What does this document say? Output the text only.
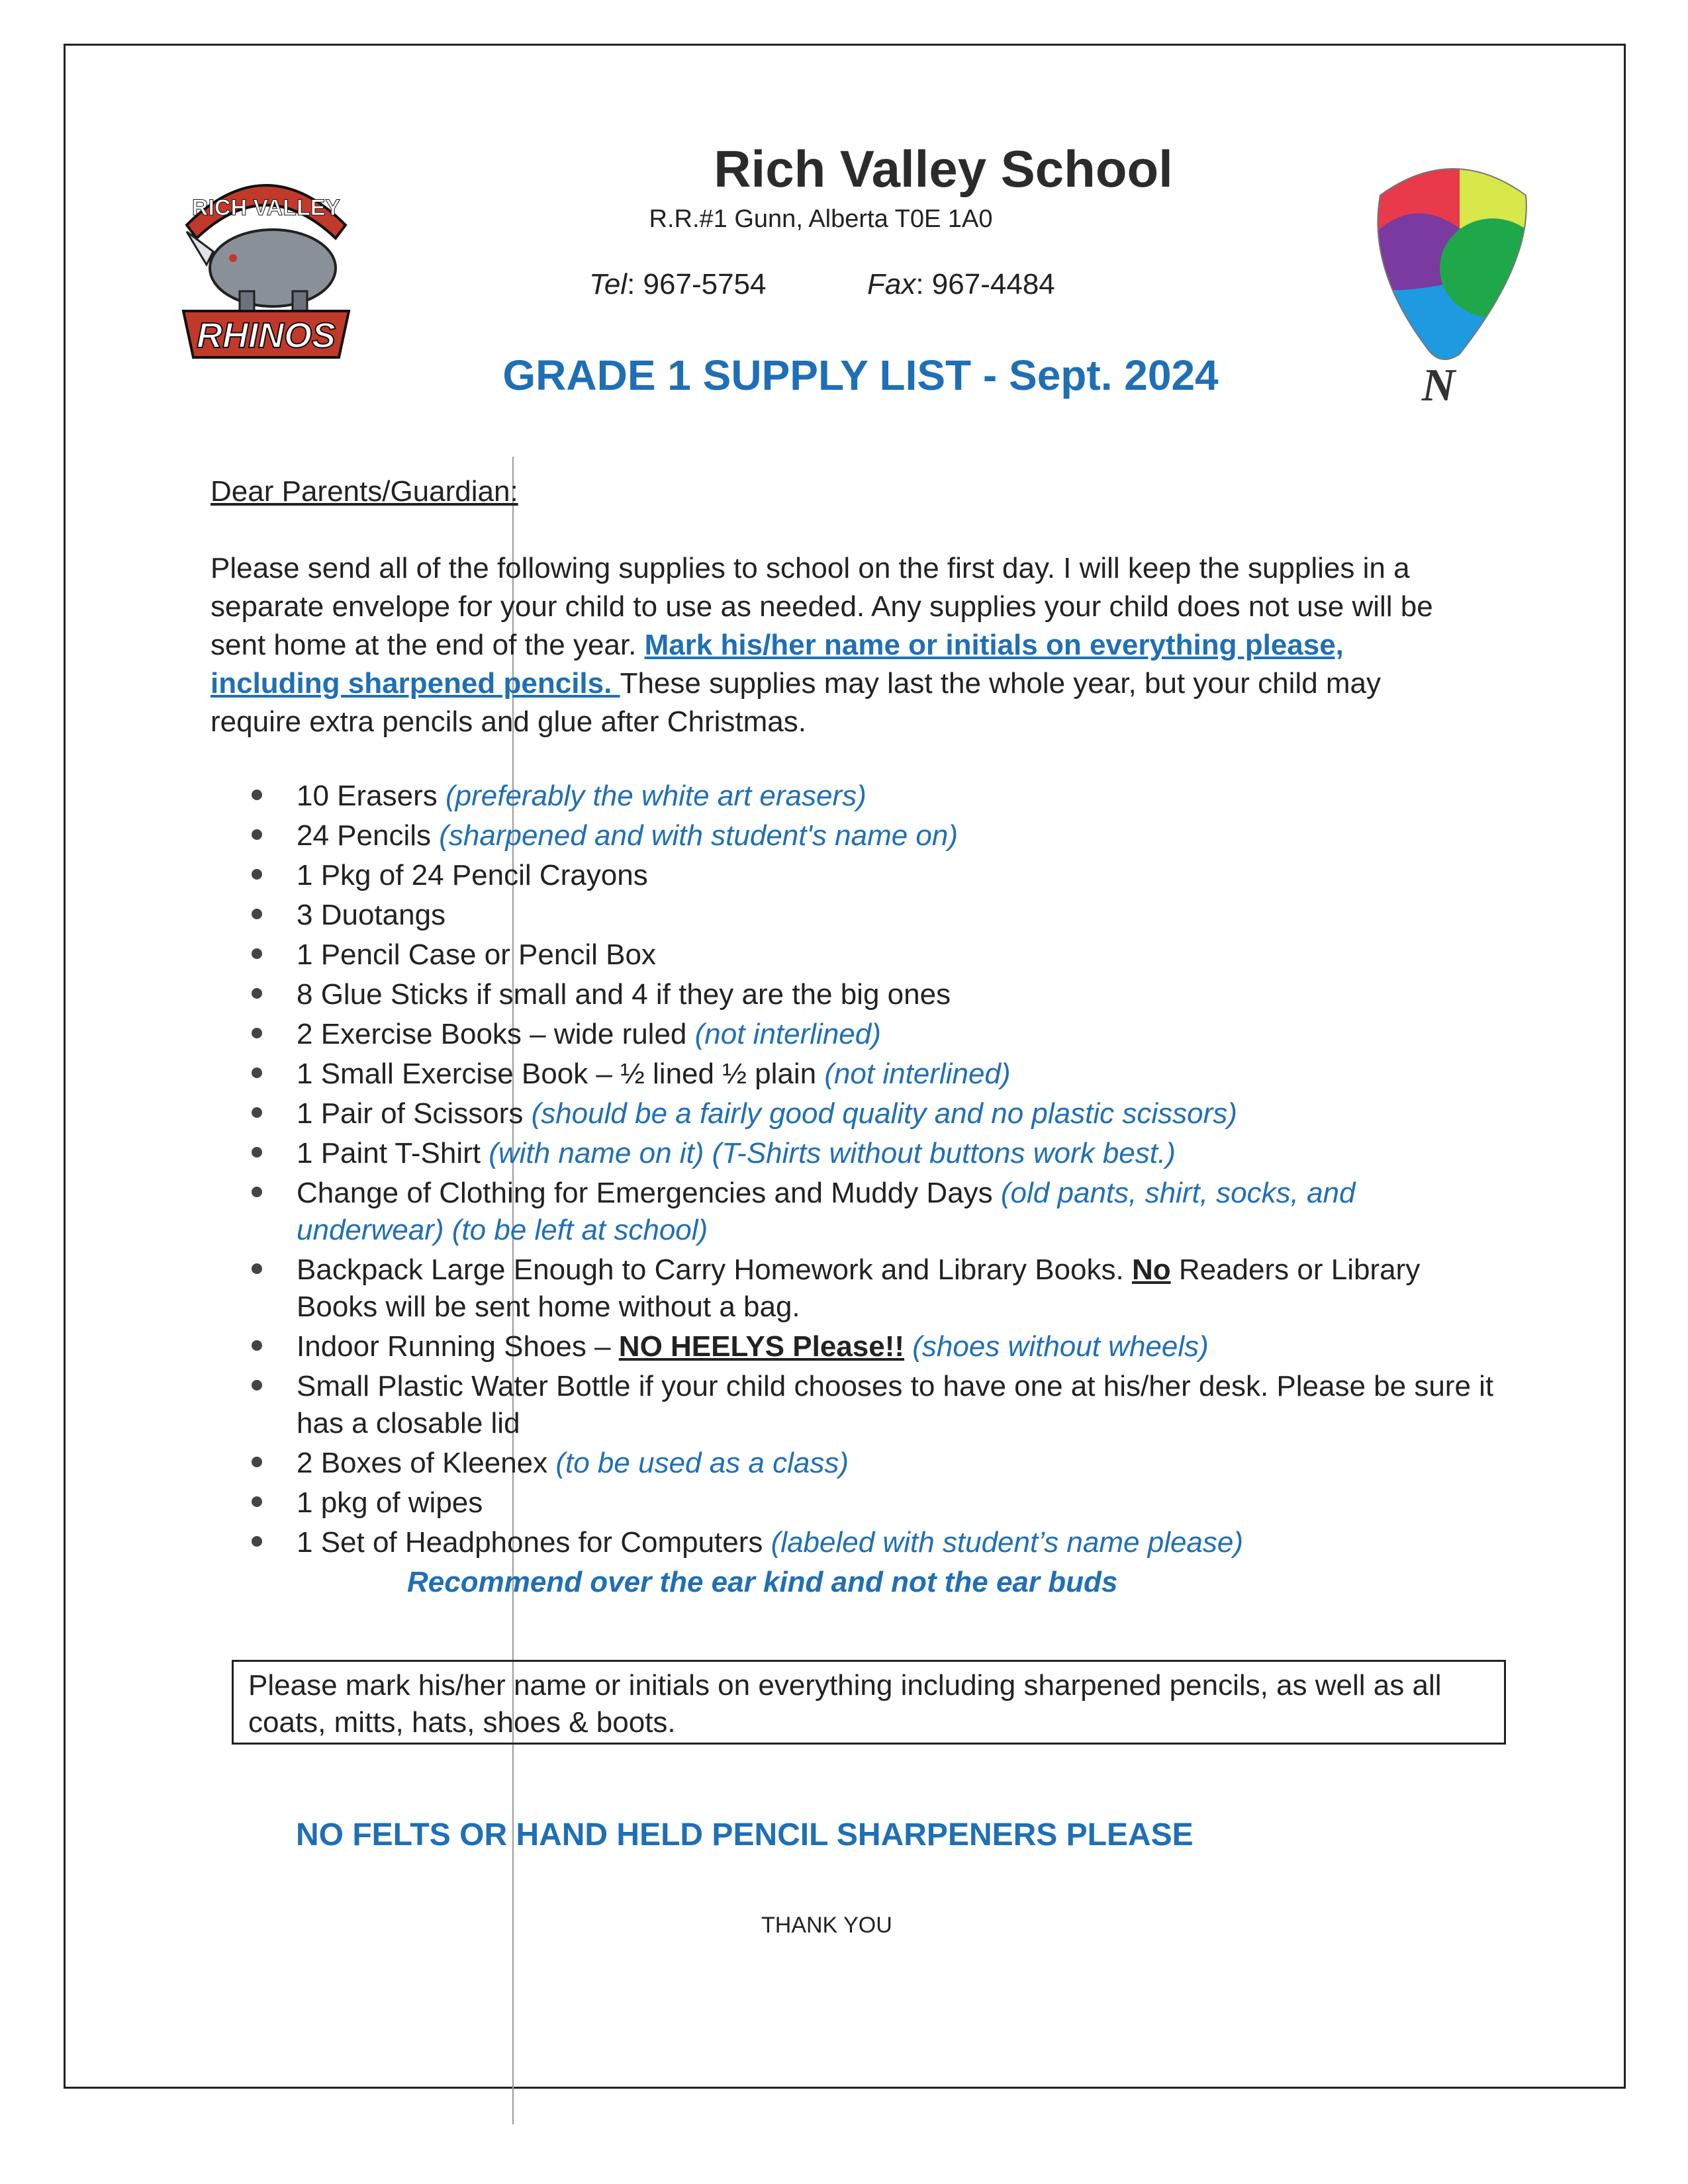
RICH VALLEY
RHINOS
N
Rich Valley School
R.R.#1 Gunn, Alberta T0E 1A0
Tel: 967-5754	Fax: 967-4484
GRADE 1 SUPPLY LIST - Sept. 2024
Dear Parents/Guardian:
Please send all of the following supplies to school on the first day. I will keep the supplies in a separate envelope for your child to use as needed. Any supplies your child does not use will be sent home at the end of the year. Mark his/her name or initials on everything please, including sharpened pencils. These supplies may last the whole year, but your child may require extra pencils and glue after Christmas.
10 Erasers (preferably the white art erasers)
24 Pencils (sharpened and with student's name on)
1 Pkg of 24 Pencil Crayons
3 Duotangs
1 Pencil Case or Pencil Box
8 Glue Sticks if small and 4 if they are the big ones
2 Exercise Books – wide ruled (not interlined)
1 Small Exercise Book – ½ lined ½ plain (not interlined)
1 Pair of Scissors (should be a fairly good quality and no plastic scissors)
1 Paint T-Shirt (with name on it) (T-Shirts without buttons work best.)
Change of Clothing for Emergencies and Muddy Days (old pants, shirt, socks, and underwear) (to be left at school)
Backpack Large Enough to Carry Homework and Library Books. No Readers or Library Books will be sent home without a bag.
Indoor Running Shoes – NO HEELYS Please!! (shoes without wheels)
Small Plastic Water Bottle if your child chooses to have one at his/her desk. Please be sure it has a closable lid
2 Boxes of Kleenex (to be used as a class)
1 pkg of wipes
1 Set of Headphones for Computers (labeled with student’s name please)
Recommend over the ear kind and not the ear buds
Please mark his/her name or initials on everything including sharpened pencils, as well as all coats, mitts, hats, shoes & boots.
NO FELTS OR HAND HELD PENCIL SHARPENERS PLEASE
THANK YOU
